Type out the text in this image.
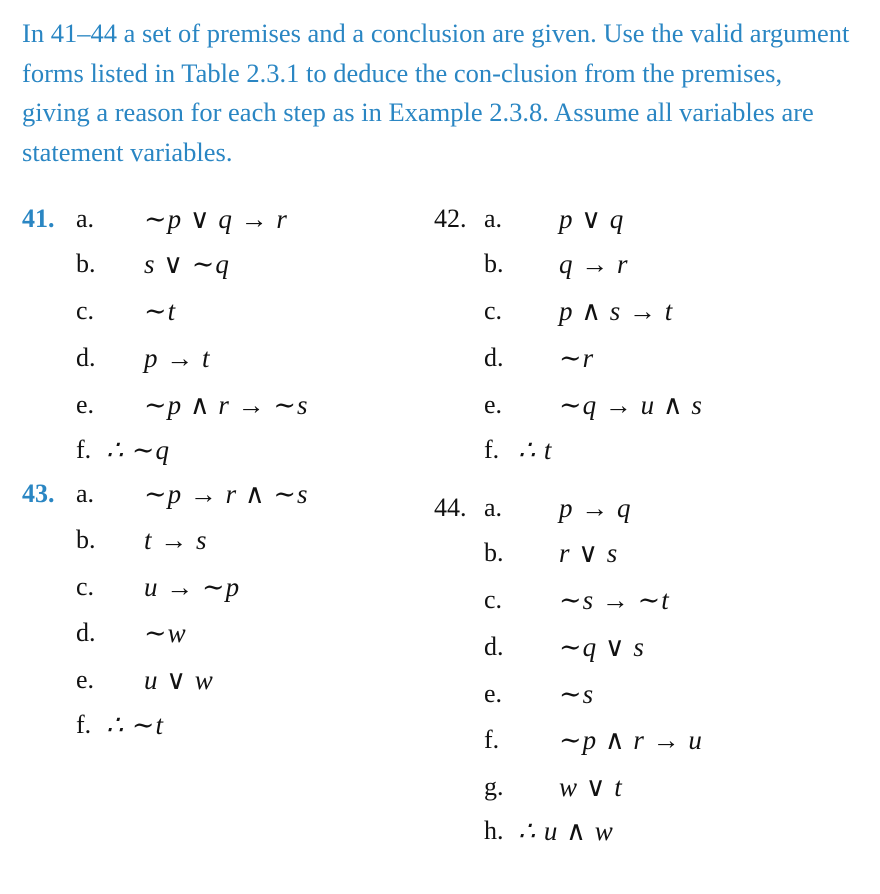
In 41–44 a set of premises and a conclusion are given. Use the valid argument forms listed in Table 2.3.1 to deduce the con-clusion from the premises, giving a reason for each step as in Example 2.3.8. Assume all variables are statement variables.
41. a. ∼p ∨ q → r
b. s ∨ ∼q
c. ∼t
d. p → t
e. ∼p ∧ r → ∼s
f. ∴ ∼q
42. a. p ∨ q
b. q → r
c. p ∧ s → t
d. ∼r
e. ∼q → u ∧ s
f. ∴ t
43. a. ∼p → r ∧ ∼s
b. t → s
c. u → ∼p
d. ∼w
e. u ∨ w
f. ∴ ∼t
44. a. p → q
b. r ∨ s
c. ∼s → ∼t
d. ∼q ∨ s
e. ∼s
f. ∼p ∧ r → u
g. w ∨ t
h. ∴ u ∧ w
